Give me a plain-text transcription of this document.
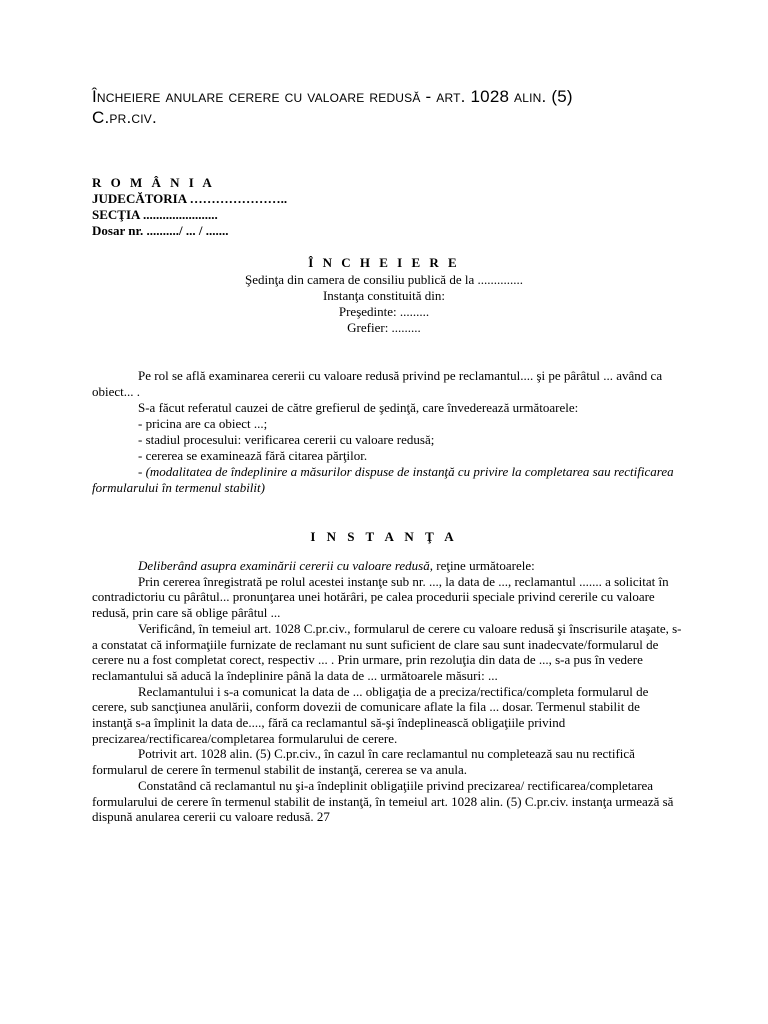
Încheiere anulare cerere cu valoare redusă - art. 1028 alin. (5)
C.pr.civ.
R O M Â N I A
JUDECĂTORIA …………………..
SECŢIA .......................
Dosar nr. ........../ ... / .......
Î N C H E I E R E
Şedinţa din camera de consiliu publică de la ..............
Instanţa constituită din:
Preşedinte: .........
Grefier: .........

Pe rol se află examinarea cererii cu valoare redusă privind pe reclamantul.... şi pe pârâtul ... având ca obiect... .

S-a făcut referatul cauzei de către grefierul de şedinţă, care învederează următoarele:

- pricina are ca obiect ...;

- stadiul procesului: verificarea cererii cu valoare redusă;

- cererea se examinează fără citarea părţilor.

- (modalitatea de îndeplinire a măsurilor dispuse de instanţă cu privire la completarea sau rectificarea formularului în termenul stabilit)

I N S T A N Ţ A

Deliberând asupra examinării cererii cu valoare redusă, reţine următoarele:

Prin cererea înregistrată pe rolul acestei instanţe sub nr. ..., la data de ..., reclamantul ....... a solicitat în contradictoriu cu pârâtul... pronunţarea unei hotărâri, pe calea procedurii speciale privind cererile cu valoare redusă, prin care să oblige pârâtul ...

Verificând, în temeiul art. 1028 C.pr.civ., formularul de cerere cu valoare redusă şi înscrisurile ataşate, s-a constatat că informaţiile furnizate de reclamant nu sunt suficient de clare sau sunt inadecvate/formularul de cerere nu a fost completat corect, respectiv ... . Prin urmare, prin rezoluţia din data de ..., s-a pus în vedere reclamantului să aducă la îndeplinire până la data de ... următoarele măsuri: ...

Reclamantului i s-a comunicat la data de ... obligaţia de a preciza/rectifica/completa formularul de cerere, sub sancţiunea anulării, conform dovezii de comunicare aflate la fila ... dosar. Termenul stabilit de instanţă s-a împlinit la data de...., fără ca reclamantul să-şi îndeplinească obligaţiile privind precizarea/rectificarea/completarea formularului de cerere.

Potrivit art. 1028 alin. (5) C.pr.civ., în cazul în care reclamantul nu completează sau nu rectifică formularul de cerere în termenul stabilit de instanţă, cererea se va anula.

Constatând că reclamantul nu şi-a îndeplinit obligaţiile privind precizarea/ rectificarea/completarea formularului de cerere în termenul stabilit de instanţă, în temeiul art. 1028 alin. (5) C.pr.civ. instanţa urmează să dispună anularea cererii cu valoare redusă. 27
